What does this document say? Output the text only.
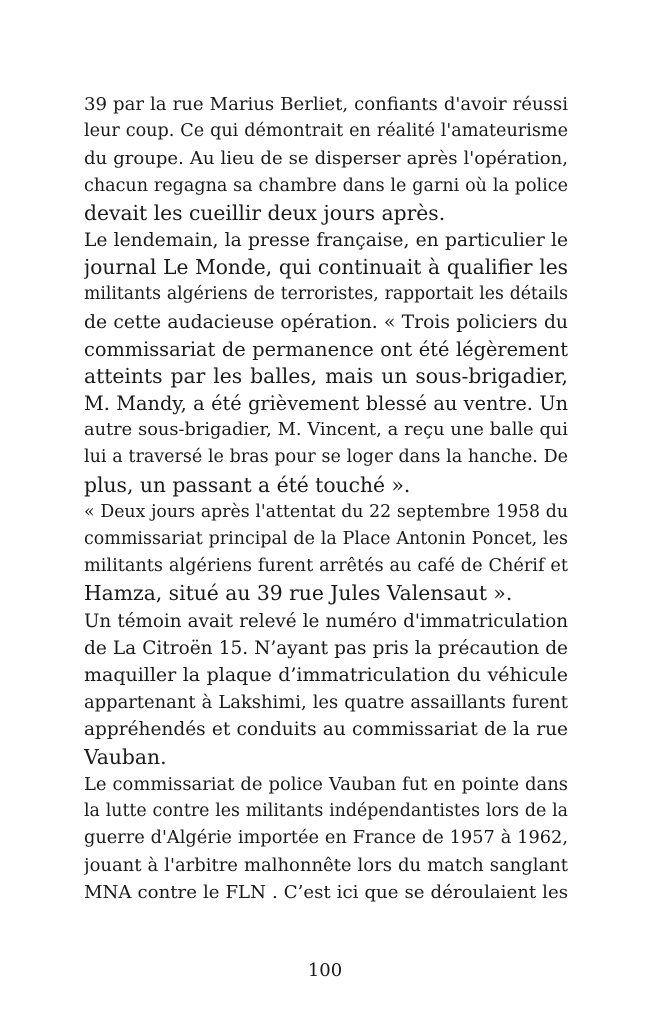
39 par la rue Marius Berliet, confiants d'avoir réussi
leur coup. Ce qui démontrait en réalité l'amateurisme
du groupe. Au lieu de se disperser après l'opération,
chacun regagna sa chambre dans le garni où la police
devait les cueillir deux jours après.
Le lendemain, la presse française, en particulier le
journal Le Monde, qui continuait à qualifier les
militants algériens de terroristes, rapportait les détails
de cette audacieuse opération. « Trois policiers du
commissariat de permanence ont été légèrement
atteints par les balles, mais un sous-brigadier,
M. Mandy, a été grièvement blessé au ventre. Un
autre sous-brigadier, M. Vincent, a reçu une balle qui
lui a traversé le bras pour se loger dans la hanche. De
plus, un passant a été touché ».
« Deux jours après l'attentat du 22 septembre 1958 du
commissariat principal de la Place Antonin Poncet, les
militants algériens furent arrêtés au café de Chérif et
Hamza, situé au 39 rue Jules Valensaut ».
Un témoin avait relevé le numéro d'immatriculation
de La Citroën 15. N’ayant pas pris la précaution de
maquiller la plaque d’immatriculation du véhicule
appartenant à Lakshimi, les quatre assaillants furent
appréhendés et conduits au commissariat de la rue
Vauban.
Le commissariat de police Vauban fut en pointe dans
la lutte contre les militants indépendantistes lors de la
guerre d'Algérie importée en France de 1957 à 1962,
jouant à l'arbitre malhonnête lors du match sanglant
MNA contre le FLN . C’est ici que se déroulaient les
100
